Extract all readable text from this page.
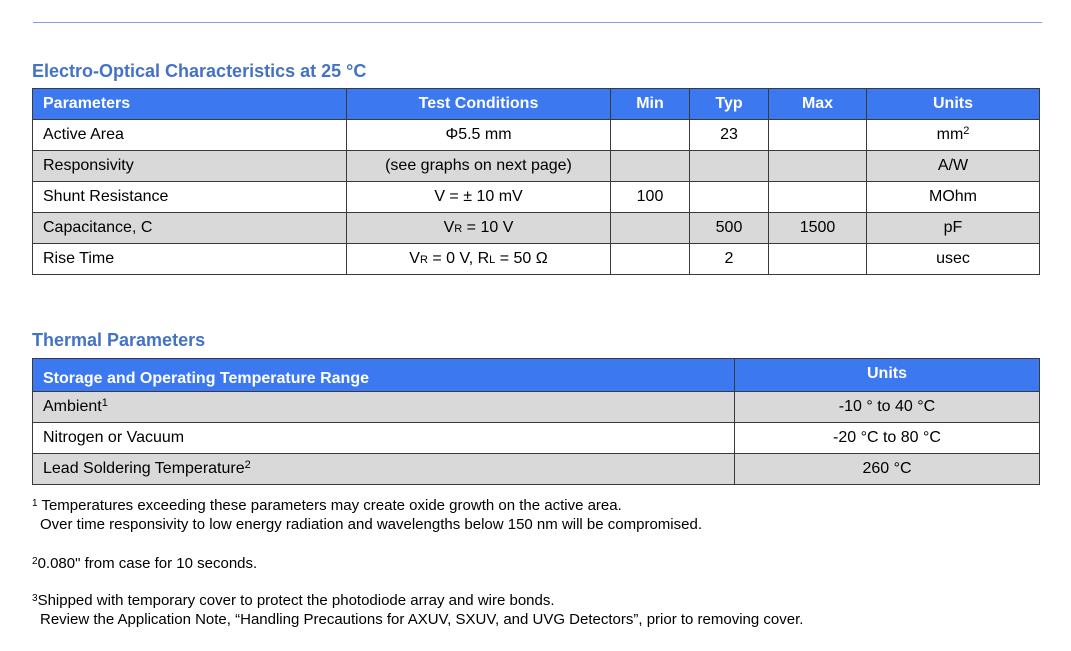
Electro-Optical Characteristics at 25 °C
Parameters	Test Conditions	Min	Typ	Max	Units
Active Area	Φ5.5 mm		23		$mm^2$
Responsivity	(see graphs on next page)				A/W
Shunt Resistance	V = ± 10 mV	100			MOhm
Capacitance, C	VR = 10 V		500	1500	pF
Rise Time	VR = 0 V, RL = 50 Ω		2		usec
Thermal Parameters
Storage and Operating Temperature Range	Units
Ambient$^1$	-10 ° to 40 °C
Nitrogen or Vacuum	-20 °C to 80 °C
Lead Soldering Temperature$^2$	260 °C
$^1$ Temperatures exceeding these parameters may create oxide growth on the active area.
Over time responsivity to low energy radiation and wavelengths below 150 nm will be compromised.
$^2$0.080" from case for 10 seconds.
$^3$Shipped with temporary cover to protect the photodiode array and wire bonds.
Review the Application Note, “Handling Precautions for AXUV, SXUV, and UVG Detectors”, prior to removing cover.
